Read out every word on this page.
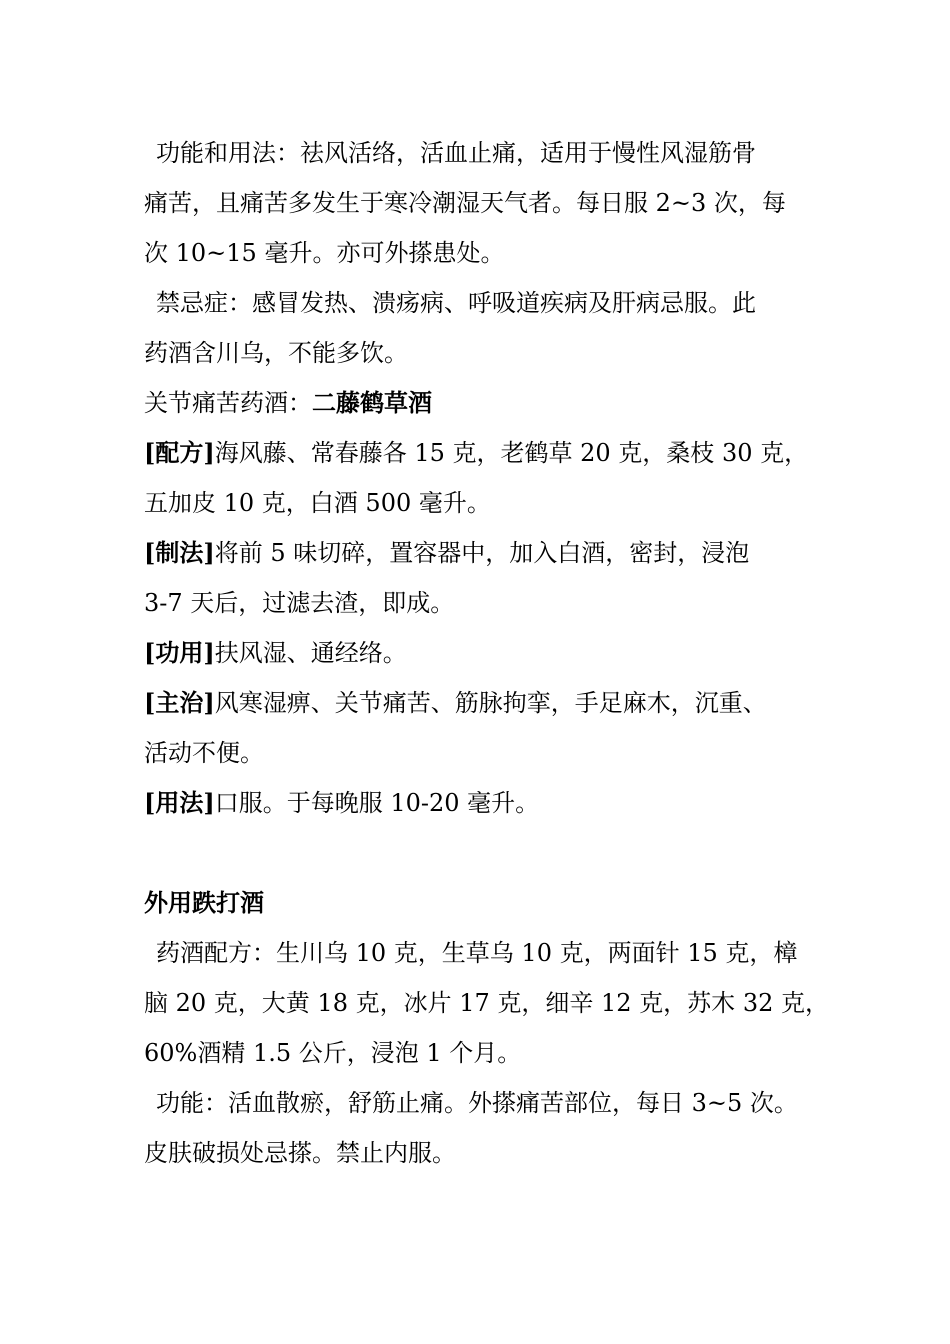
功能和用法：祛风活络，活血止痛，适用于慢性风湿筋骨
痛苦，且痛苦多发生于寒冷潮湿天气者。每日服 2~3 次，每
次 10~15 毫升。亦可外搽患处。
禁忌症：感冒发热、溃疡病、呼吸道疾病及肝病忌服。此
药酒含川乌，不能多饮。
关节痛苦药酒：二藤鹤草酒
[配方]海风藤、常春藤各 15 克，老鹤草 20 克，桑枝 30 克，
五加皮 10 克，白酒 500 毫升。
[制法]将前 5 味切碎，置容器中，加入白酒，密封，浸泡
3-7 天后，过滤去渣，即成。
[功用]扶风湿、通经络。
[主治]风寒湿痹、关节痛苦、筋脉拘挛，手足麻木，沉重、
活动不便。
[用法]口服。于每晚服 10-20 毫升。
外用跌打酒
药酒配方：生川乌 10 克，生草乌 10 克，两面针 15 克，樟
脑 20 克，大黄 18 克，冰片 17 克，细辛 12 克，苏木 32 克，
60%酒精 1.5 公斤，浸泡 1 个月。
功能：活血散瘀，舒筋止痛。外搽痛苦部位，每日 3~5 次。
皮肤破损处忌搽。禁止内服。
